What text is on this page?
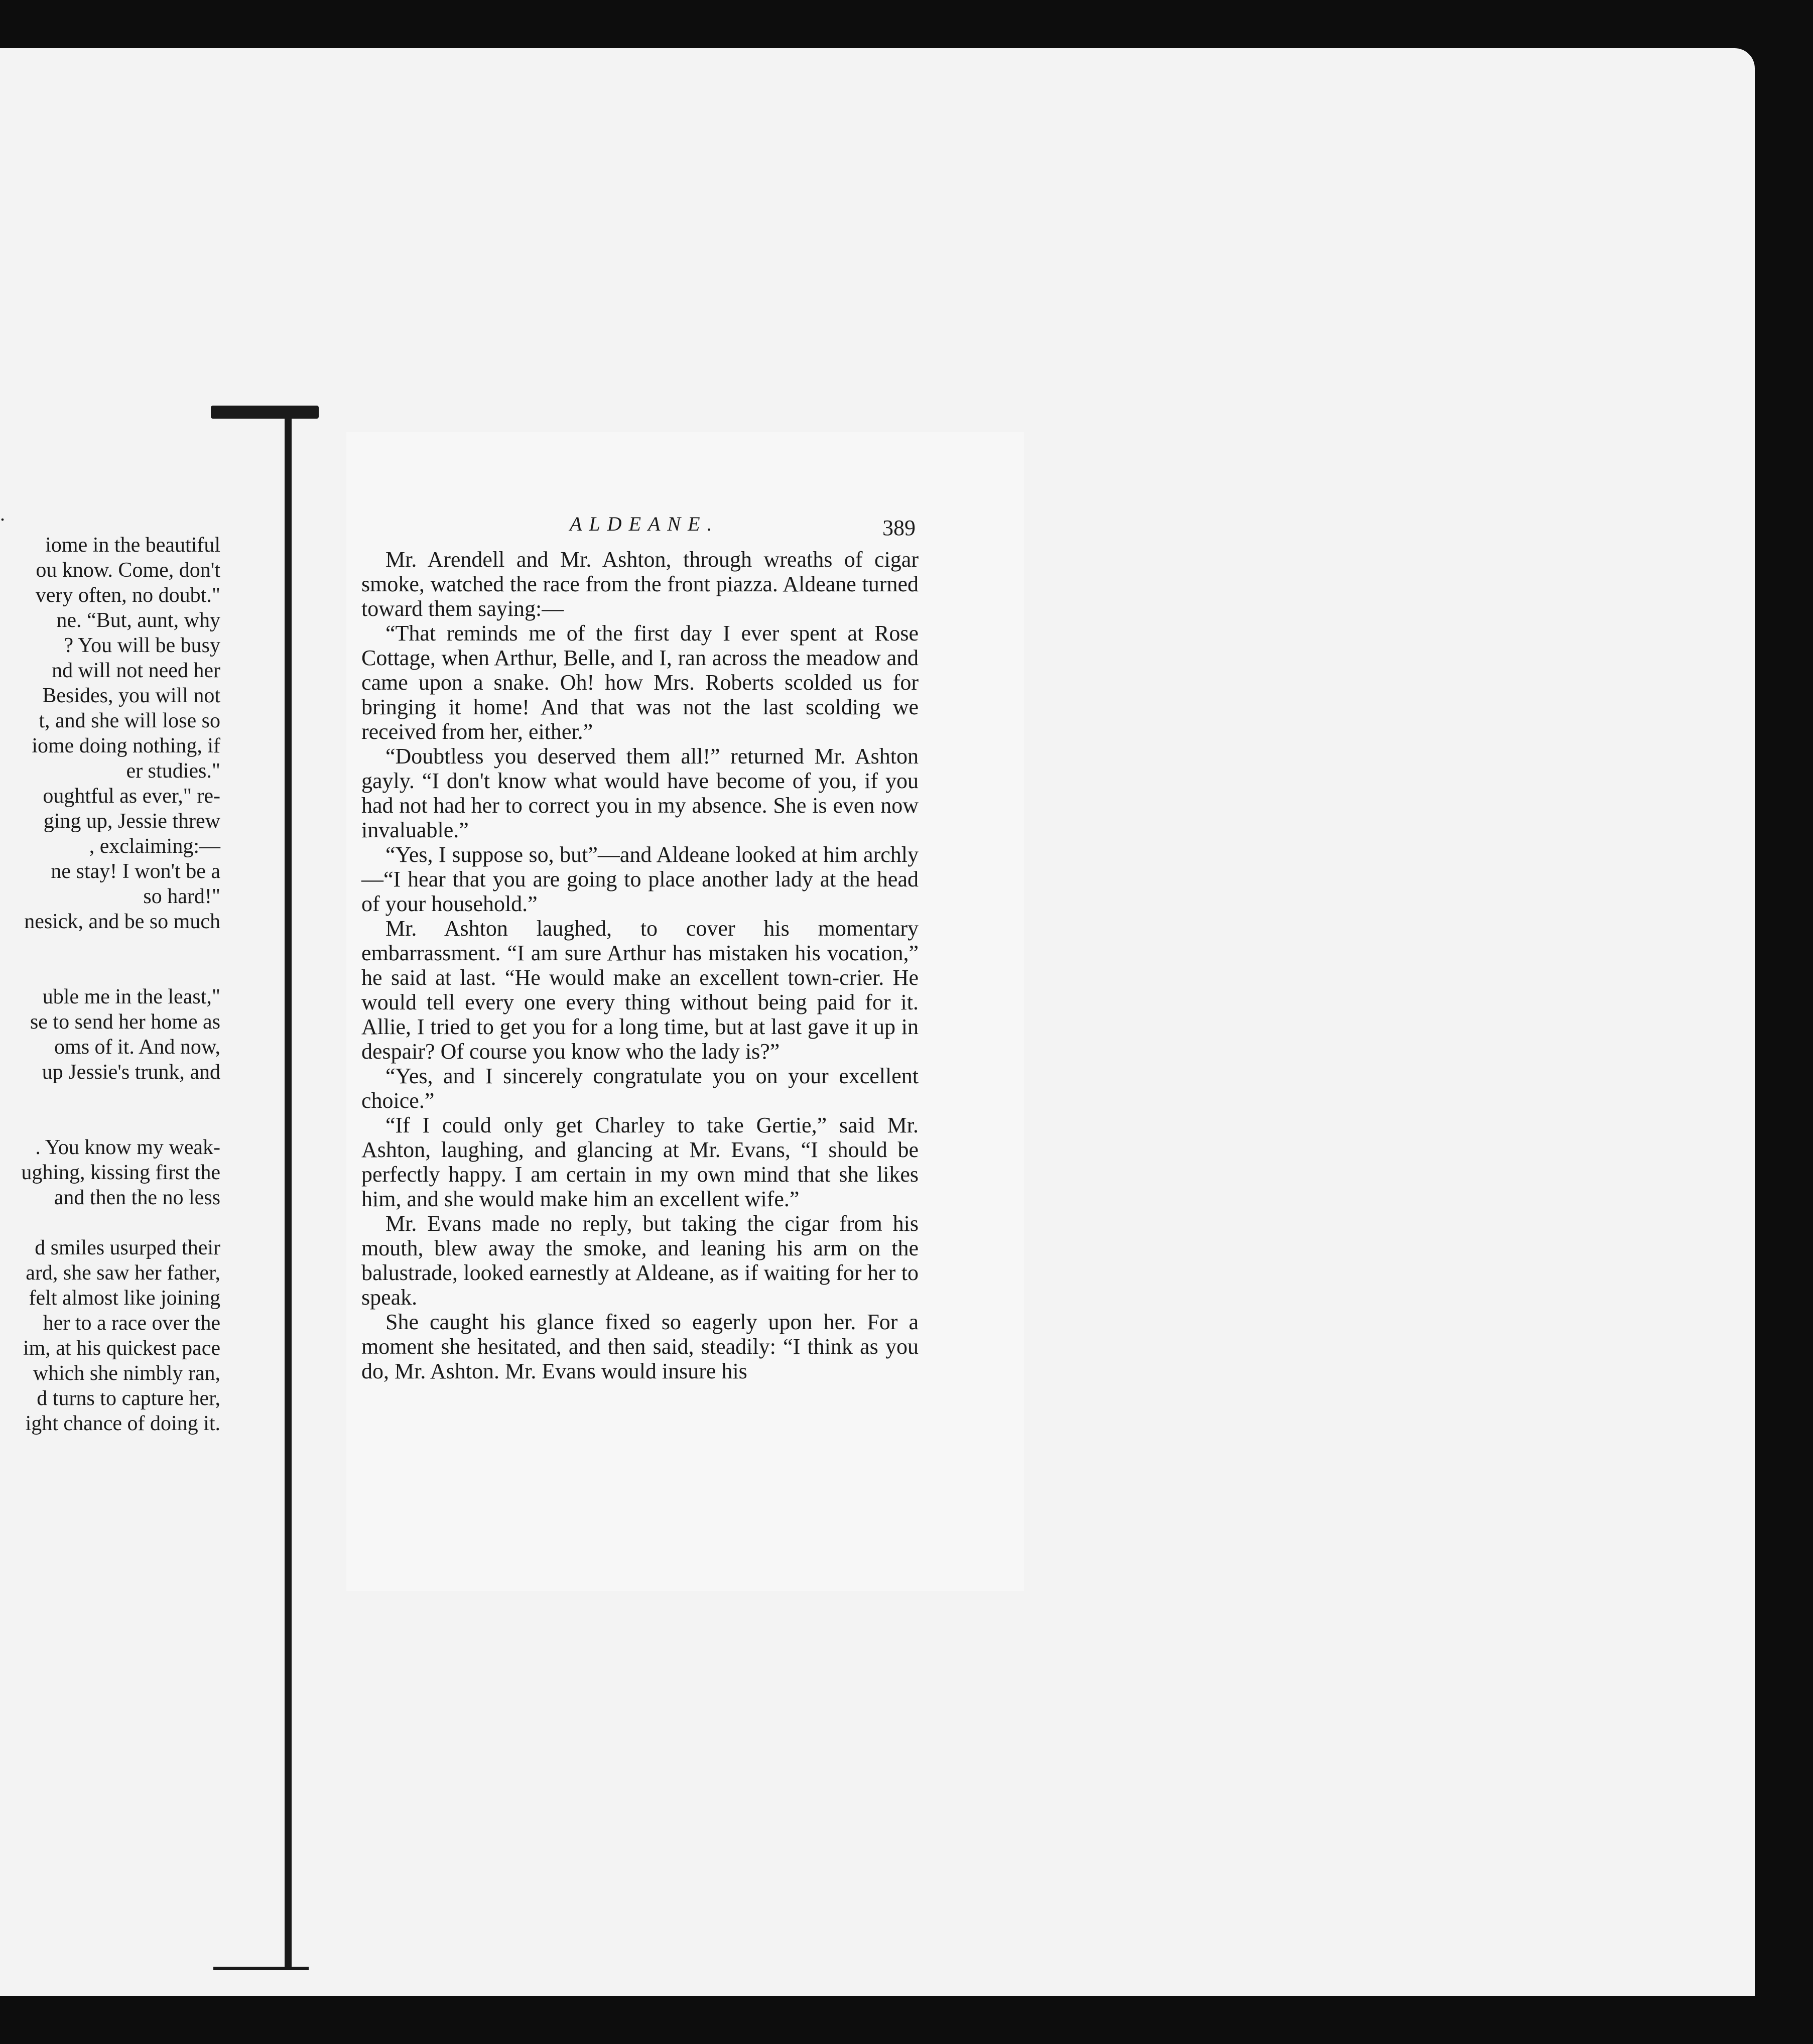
.
iome in the beautiful
ou know. Come, don't
very often, no doubt."
ne. “But, aunt, why
? You will be busy
nd will not need her
Besides, you will not
t, and she will lose so
iome doing nothing, if
er studies."
oughtful as ever," re-
ging up, Jessie threw
, exclaiming:—
ne stay! I won't be a
so hard!"
nesick, and be so much
uble me in the least,"
se to send her home as
oms of it. And now,
up Jessie's trunk, and
. You know my weak-
ughing, kissing first the
and then the no less
d smiles usurped their
ard, she saw her father,
felt almost like joining
her to a race over the
im, at his quickest pace
which she nimbly ran,
d turns to capture her,
ight chance of doing it.
ALDEANE.	389

Mr. Arendell and Mr. Ashton, through wreaths of cigar smoke, watched the race from the front piazza. Aldeane turned toward them saying:—

“That reminds me of the first day I ever spent at Rose Cottage, when Arthur, Belle, and I, ran across the meadow and came upon a snake. Oh! how Mrs. Roberts scolded us for bringing it home! And that was not the last scolding we received from her, either.”

“Doubtless you deserved them all!” returned Mr. Ashton gayly. “I don't know what would have become of you, if you had not had her to correct you in my absence. She is even now invaluable.”

“Yes, I suppose so, but”—and Aldeane looked at him archly—“I hear that you are going to place another lady at the head of your household.”

Mr. Ashton laughed, to cover his momentary embarrassment. “I am sure Arthur has mistaken his vocation,” he said at last. “He would make an excellent town-crier. He would tell every one every thing without being paid for it. Allie, I tried to get you for a long time, but at last gave it up in despair? Of course you know who the lady is?”

“Yes, and I sincerely congratulate you on your excellent choice.”

“If I could only get Charley to take Gertie,” said Mr. Ashton, laughing, and glancing at Mr. Evans, “I should be perfectly happy. I am certain in my own mind that she likes him, and she would make him an excellent wife.”

Mr. Evans made no reply, but taking the cigar from his mouth, blew away the smoke, and leaning his arm on the balustrade, looked earnestly at Aldeane, as if waiting for her to speak.

She caught his glance fixed so eagerly upon her. For a moment she hesitated, and then said, steadily: “I think as you do, Mr. Ashton. Mr. Evans would insure his
